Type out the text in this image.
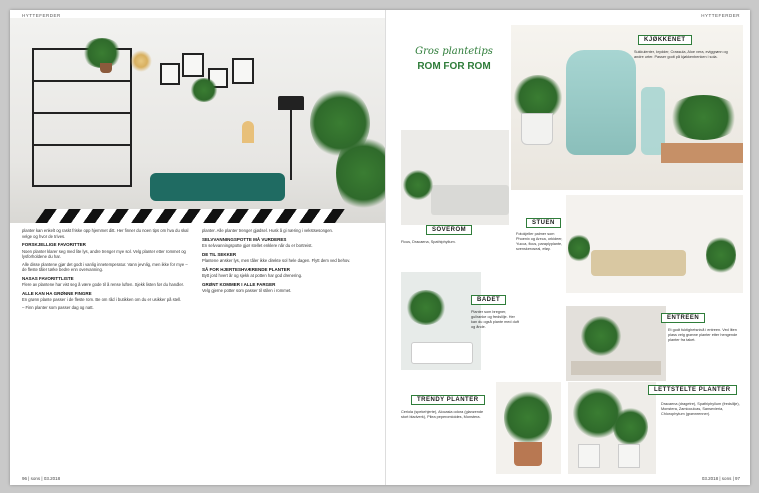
HYTTEFERDER

planter kan enkelt og raskt friske opp hjemmet ditt. Her finner du noen tips om hva du skal velge og hvor de trives.

FORSKJELLIGE FAVORITTER

Noen planter klarer seg med lite lys, andre trenger mye sol. Velg planter etter rommet og lysforholdene du har.

Alle disse plantene gjør det godt i vanlig innetemperatur. Vann jevnlig, men ikke for mye – de fleste tåler tørke bedre enn overvanning.

NASAS FAVORITTLISTE

Flere av plantene har vist seg å være gode til å rense luften. Sjekk listen før du handler.

ALLE KAN HA GRØNNE FINGRE

En grønn plante passer i de fleste rom. Be om råd i butikken om du er usikker på stell.

– Finn planter som passer dag og natt.

planter. Alle planter trenger gjødsel. Husk å gi næring i vekstsesongen.

SELVVANNINGSPOTTE MÅ VURDERES

En selvvanningspotte gjør stellet enklere når du er bortreist.

DE TIL SEKKER

Plantene ønsker lys, men tåler ikke direkte sol hele dagen. Flytt dem ved behov.

SÅ FOR HJERTESHVÆRENDE PLANTER

Bytt jord hvert år og sjekk at potten har god drenering.

GRØNT KOMMER I ALLE FARGER

Velg gjerne potter som passer til stilen i rommet.

96 | sons | 03.2018
HYTTEFERDER
Gros plantetips
ROM FOR ROM
KJØKKENET
Sukkulenter, krydder, Crassula, Aloe vera, eviggrønn og andre urter. Passer godt på kjøkkenbenken i sola.
SOVEROM
Ficus, Dracaena, Spathiphyllum.
STUEN
Fotokjeller palmer som Phoenix og Areca, orkideer, Yucca, ficus, paraplyplante, svenskeroseal, eføy.
BADET
Planter som bregner, gullranke og fredslilje. Her kan du også plante med duft og ånde.
ENTREEN
Et godt fuktighetsnivå i entreen. Ved liten plass velg grønne planter etter hengende planter fra taket.
TRENDY PLANTER
Ceriola (spekehjerte), Alocasia odora (glanzende stort bladverk), Pilea peperomioides, Monstera.
LETTSTELTE PLANTER
Dracaena (dragetre), Spathiphyllum (fredslilje), Monstera, Zamioculcas, Sansevieria, Chlorophytum (grønnrenner).
03.2018 | sons | 97
